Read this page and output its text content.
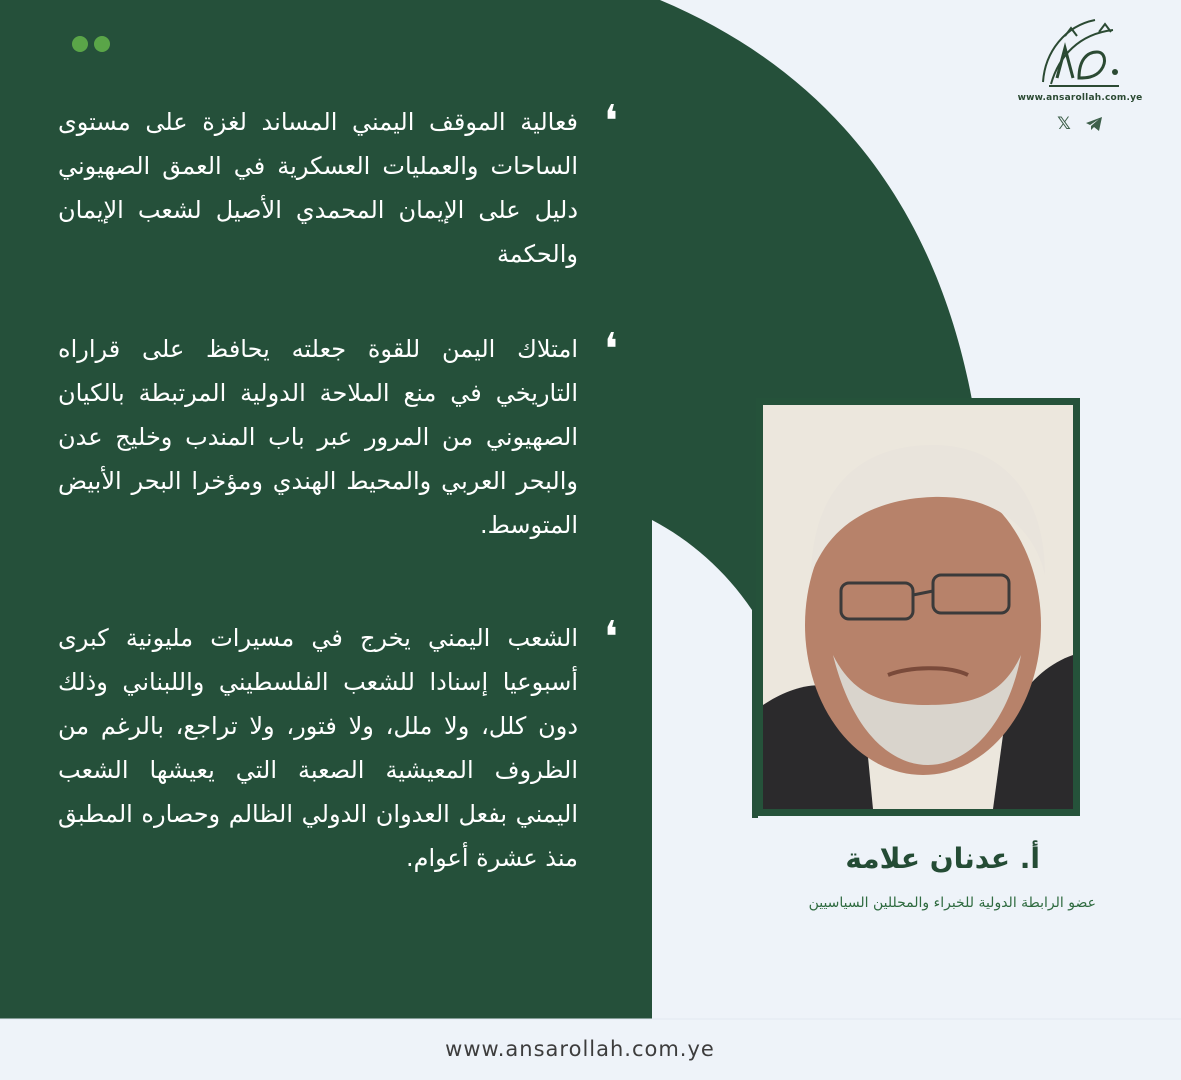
❛
فعالية الموقف اليمني المساند لغزة على مستوى الساحات والعمليات العسكرية في العمق الصهيوني دليل على الإيمان المحمدي الأصيل لشعب الإيمان والحكمة
❛
امتلاك اليمن للقوة جعلته يحافظ على قراراه التاريخي في منع الملاحة الدولية المرتبطة بالكيان الصهيوني من المرور عبر باب المندب وخليج عدن والبحر العربي والمحيط الهندي ومؤخرا البحر الأبيض المتوسط.
❛
الشعب اليمني يخرج في مسيرات مليونية كبرى أسبوعيا إسنادا للشعب الفلسطيني واللبناني وذلك دون كلل، ولا ملل، ولا فتور، ولا تراجع، بالرغم من الظروف المعيشية الصعبة التي يعيشها الشعب اليمني بفعل العدوان الدولي الظالم وحصاره المطبق منذ عشرة أعوام.
www.ansarollah.com.ye
𝕏
أ. عدنان علامة
عضو الرابطة الدولية للخبراء والمحللين السياسيين
www.ansarollah.com.ye
